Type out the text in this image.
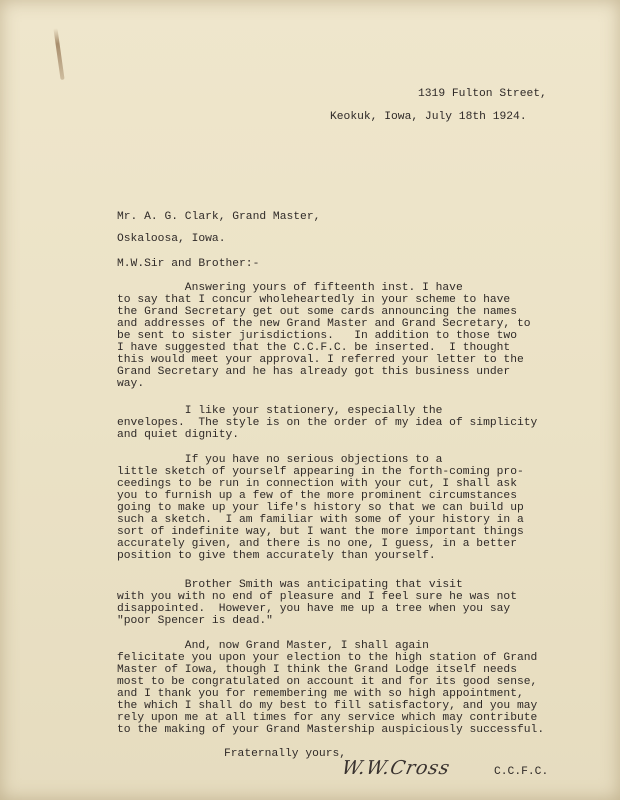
1319 Fulton Street,
Keokuk, Iowa, July 18th 1924.
Mr. A. G. Clark, Grand Master,
Oskaloosa, Iowa.
M.W.Sir and Brother:-
Answering yours of fifteenth inst. I have
to say that I concur wholeheartedly in your scheme to have
the Grand Secretary get out some cards announcing the names
and addresses of the new Grand Master and Grand Secretary, to
be sent to sister jurisdictions.   In addition to those two
I have suggested that the C.C.F.C. be inserted.  I thought
this would meet your approval. I referred your letter to the
Grand Secretary and he has already got this business under
way.
I like your stationery, especially the
envelopes.  The style is on the order of my idea of simplicity
and quiet dignity.
If you have no serious objections to a
little sketch of yourself appearing in the forth-coming pro-
ceedings to be run in connection with your cut, I shall ask
you to furnish up a few of the more prominent circumstances
going to make up your life's history so that we can build up
such a sketch.  I am familiar with some of your history in a
sort of indefinite way, but I want the more important things
accurately given, and there is no one, I guess, in a better
position to give them accurately than yourself.
Brother Smith was anticipating that visit
with you with no end of pleasure and I feel sure he was not
disappointed.  However, you have me up a tree when you say
"poor Spencer is dead."
And, now Grand Master, I shall again
felicitate you upon your election to the high station of Grand
Master of Iowa, though I think the Grand Lodge itself needs
most to be congratulated on account it and for its good sense,
and I thank you for remembering me with so high appointment,
the which I shall do my best to fill satisfactory, and you may
rely upon me at all times for any service which may contribute
to the making of your Grand Mastership auspiciously successful.
Fraternally yours,
W.W.Cross	C.C.F.C.
